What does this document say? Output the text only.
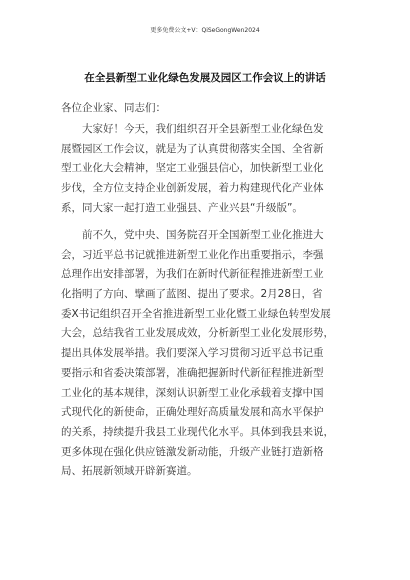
更多免费公文+V：QiSeGongWen2024
在全县新型工业化绿色发展及园区工作会议上的讲话
各位企业家、同志们：
大家好！今天，我们组织召开全县新型工业化绿色发
展暨园区工作会议，就是为了认真贯彻落实全国、全省新
型工业化大会精神，坚定工业强县信心，加快新型工业化
步伐，全方位支持企业创新发展，着力构建现代化产业体
系，同大家一起打造工业强县、产业兴县“升级版”。
前不久，党中央、国务院召开全国新型工业化推进大
会，习近平总书记就推进新型工业化作出重要指示，李强
总理作出安排部署，为我们在新时代新征程推进新型工业
化指明了方向、擘画了蓝图、提出了要求。2月28日，省
委X书记组织召开全省推进新型工业化暨工业绿色转型发展
大会，总结我省工业发展成效，分析新型工业化发展形势，
提出具体发展举措。我们要深入学习贯彻习近平总书记重
要指示和省委决策部署，准确把握新时代新征程推进新型
工业化的基本规律，深刻认识新型工业化承载着支撑中国
式现代化的新使命，正确处理好高质量发展和高水平保护
的关系，持续提升我县工业现代化水平。具体到我县来说，
更多体现在强化供应链激发新动能，升级产业链打造新格
局、拓展新领域开辟新赛道。
